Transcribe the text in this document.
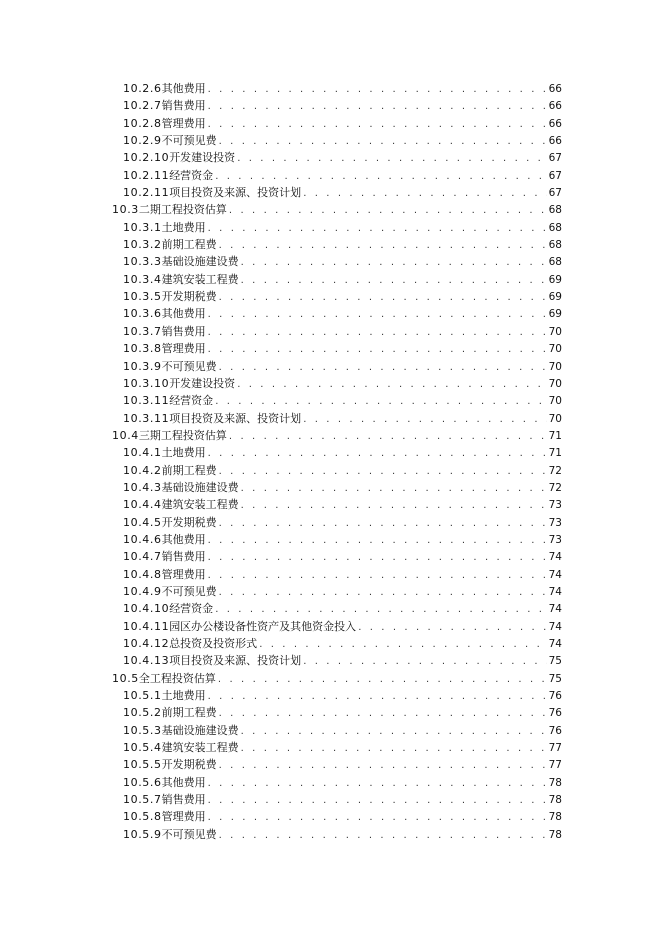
10.2.6 其他费用 . . .	66
10.2.7 销售费用 . . .	66
10.2.8 管理费用 . . .	66
10.2.9 不可预见费 . . .	66
10.2.10 开发建设投资 . . .	67
10.2.11 经营资金 . . .	67
10.2.11 项目投资及来源、投资计划 . . .	67
10.3 二期工程投资估算 . . .	68
10.3.1 土地费用 . . .	68
10.3.2 前期工程费 . . .	68
10.3.3 基础设施建设费 . . .	68
10.3.4 建筑安装工程费 . . .	69
10.3.5 开发期税费 . . .	69
10.3.6 其他费用 . . .	69
10.3.7 销售费用 . . .	70
10.3.8 管理费用 . . .	70
10.3.9 不可预见费 . . .	70
10.3.10 开发建设投资 . . .	70
10.3.11 经营资金 . . .	70
10.3.11 项目投资及来源、投资计划 . . .	70
10.4 三期工程投资估算 . . .	71
10.4.1 土地费用 . . .	71
10.4.2 前期工程费 . . .	72
10.4.3 基础设施建设费 . . .	72
10.4.4 建筑安装工程费 . . .	73
10.4.5 开发期税费 . . .	73
10.4.6 其他费用 . . .	73
10.4.7 销售费用 . . .	74
10.4.8 管理费用 . . .	74
10.4.9 不可预见费 . . .	74
10.4.10 经营资金 . . .	74
10.4.11 园区办公楼设备性资产及其他资金投入 . . .	74
10.4.12 总投资及投资形式 . . .	74
10.4.13 项目投资及来源、投资计划 . . .	75
10.5 全工程投资估算 . . .	75
10.5.1 土地费用 . . .	76
10.5.2 前期工程费 . . .	76
10.5.3 基础设施建设费 . . .	76
10.5.4 建筑安装工程费 . . .	77
10.5.5 开发期税费 . . .	77
10.5.6 其他费用 . . .	78
10.5.7 销售费用 . . .	78
10.5.8 管理费用 . . .	78
10.5.9 不可预见费 . . .	78
